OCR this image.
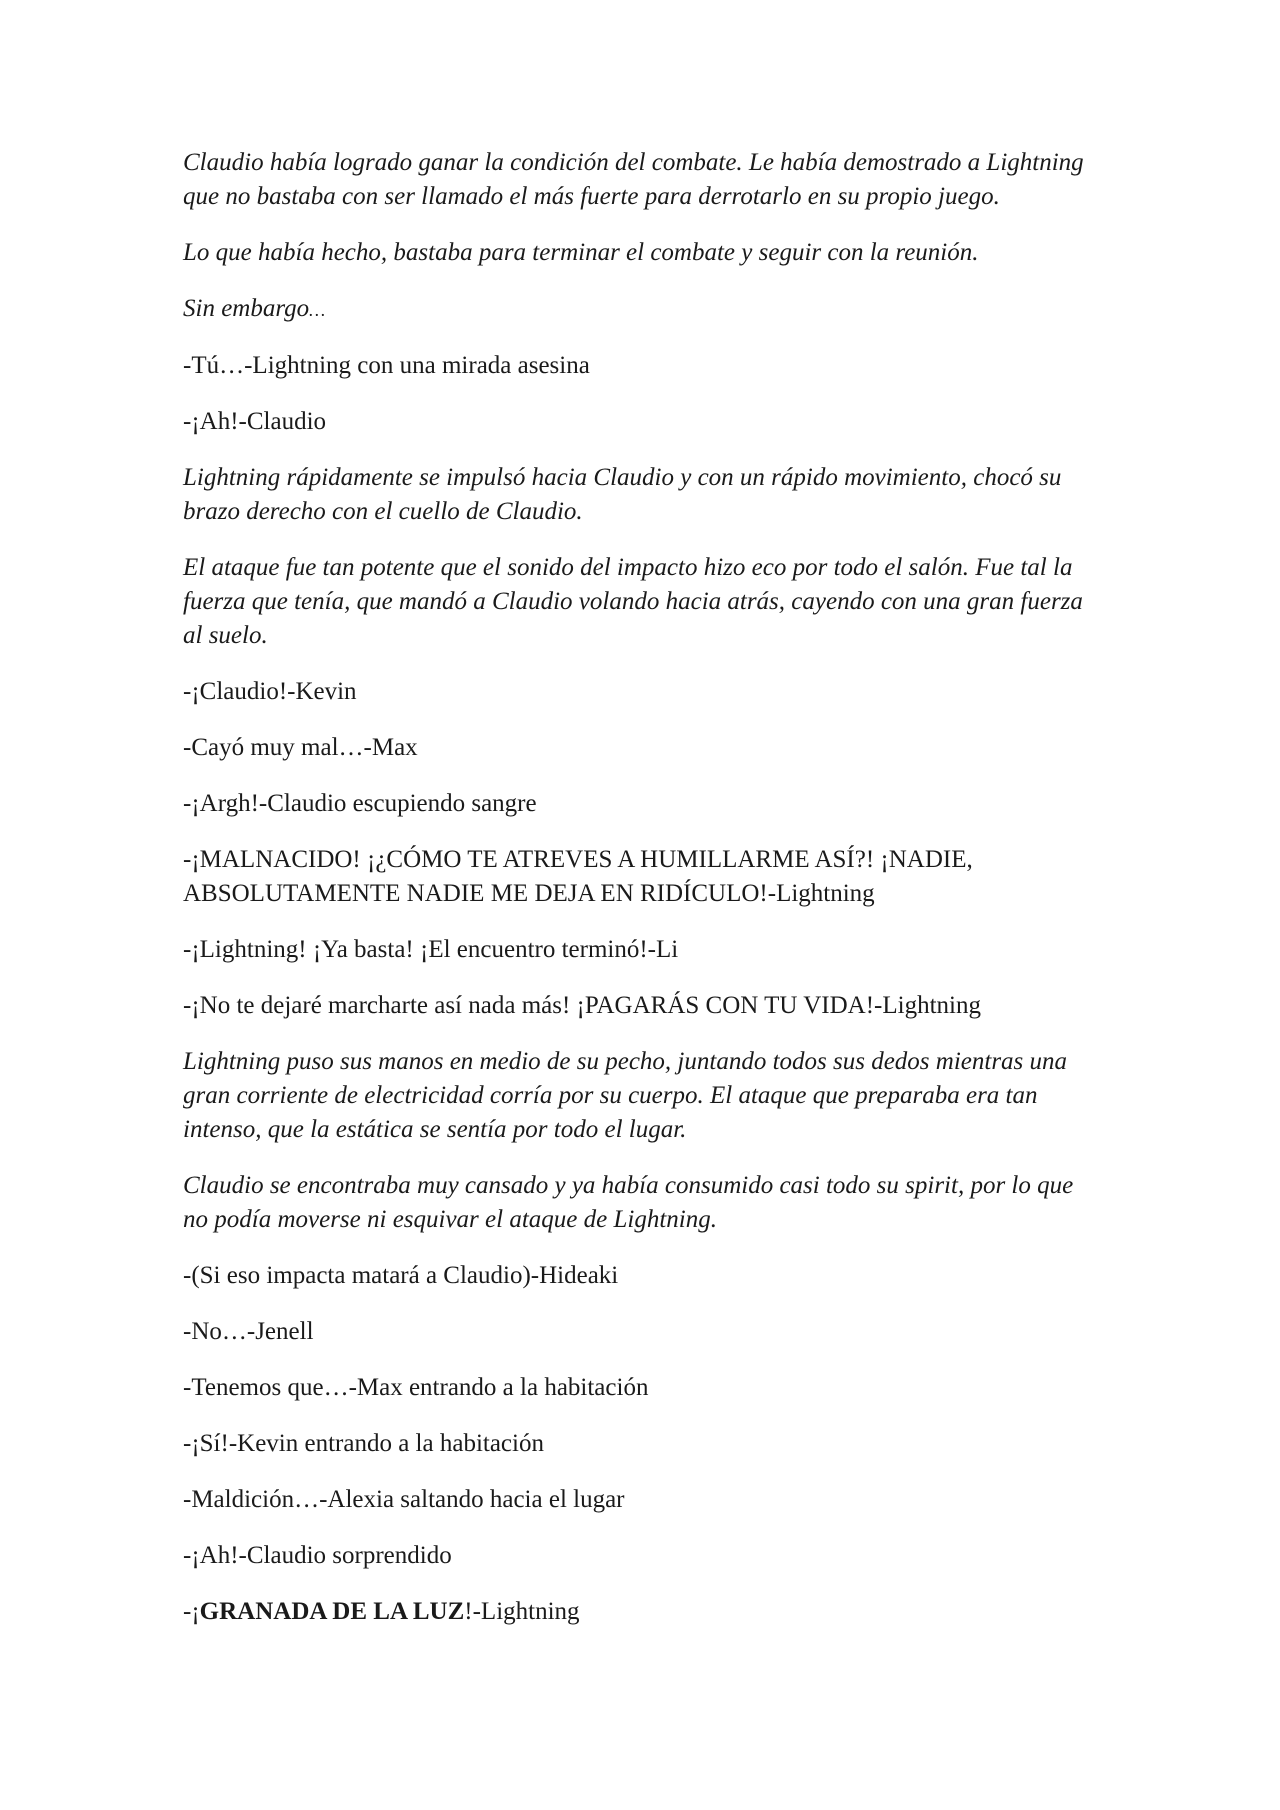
Claudio había logrado ganar la condición del combate. Le había demostrado a Lightning que no bastaba con ser llamado el más fuerte para derrotarlo en su propio juego.

Lo que había hecho, bastaba para terminar el combate y seguir con la reunión.

Sin embargo…

-Tú…-Lightning con una mirada asesina

-¡Ah!-Claudio

Lightning rápidamente se impulsó hacia Claudio y con un rápido movimiento, chocó su brazo derecho con el cuello de Claudio.

El ataque fue tan potente que el sonido del impacto hizo eco por todo el salón. Fue tal la fuerza que tenía, que mandó a Claudio volando hacia atrás, cayendo con una gran fuerza al suelo.

-¡Claudio!-Kevin

-Cayó muy mal…-Max

-¡Argh!-Claudio escupiendo sangre

-¡MALNACIDO! ¡¿CÓMO TE ATREVES A HUMILLARME ASÍ?! ¡NADIE, ABSOLUTAMENTE NADIE ME DEJA EN RIDÍCULO!-Lightning

-¡Lightning! ¡Ya basta! ¡El encuentro terminó!-Li

-¡No te dejaré marcharte así nada más! ¡PAGARÁS CON TU VIDA!-Lightning

Lightning puso sus manos en medio de su pecho, juntando todos sus dedos mientras una gran corriente de electricidad corría por su cuerpo. El ataque que preparaba era tan intenso, que la estática se sentía por todo el lugar.

Claudio se encontraba muy cansado y ya había consumido casi todo su spirit, por lo que no podía moverse ni esquivar el ataque de Lightning.

-(Si eso impacta matará a Claudio)-Hideaki

-No…-Jenell

-Tenemos que…-Max entrando a la habitación

-¡Sí!-Kevin entrando a la habitación

-Maldición…-Alexia saltando hacia el lugar

-¡Ah!-Claudio sorprendido

-¡GRANADA DE LA LUZ!-Lightning
